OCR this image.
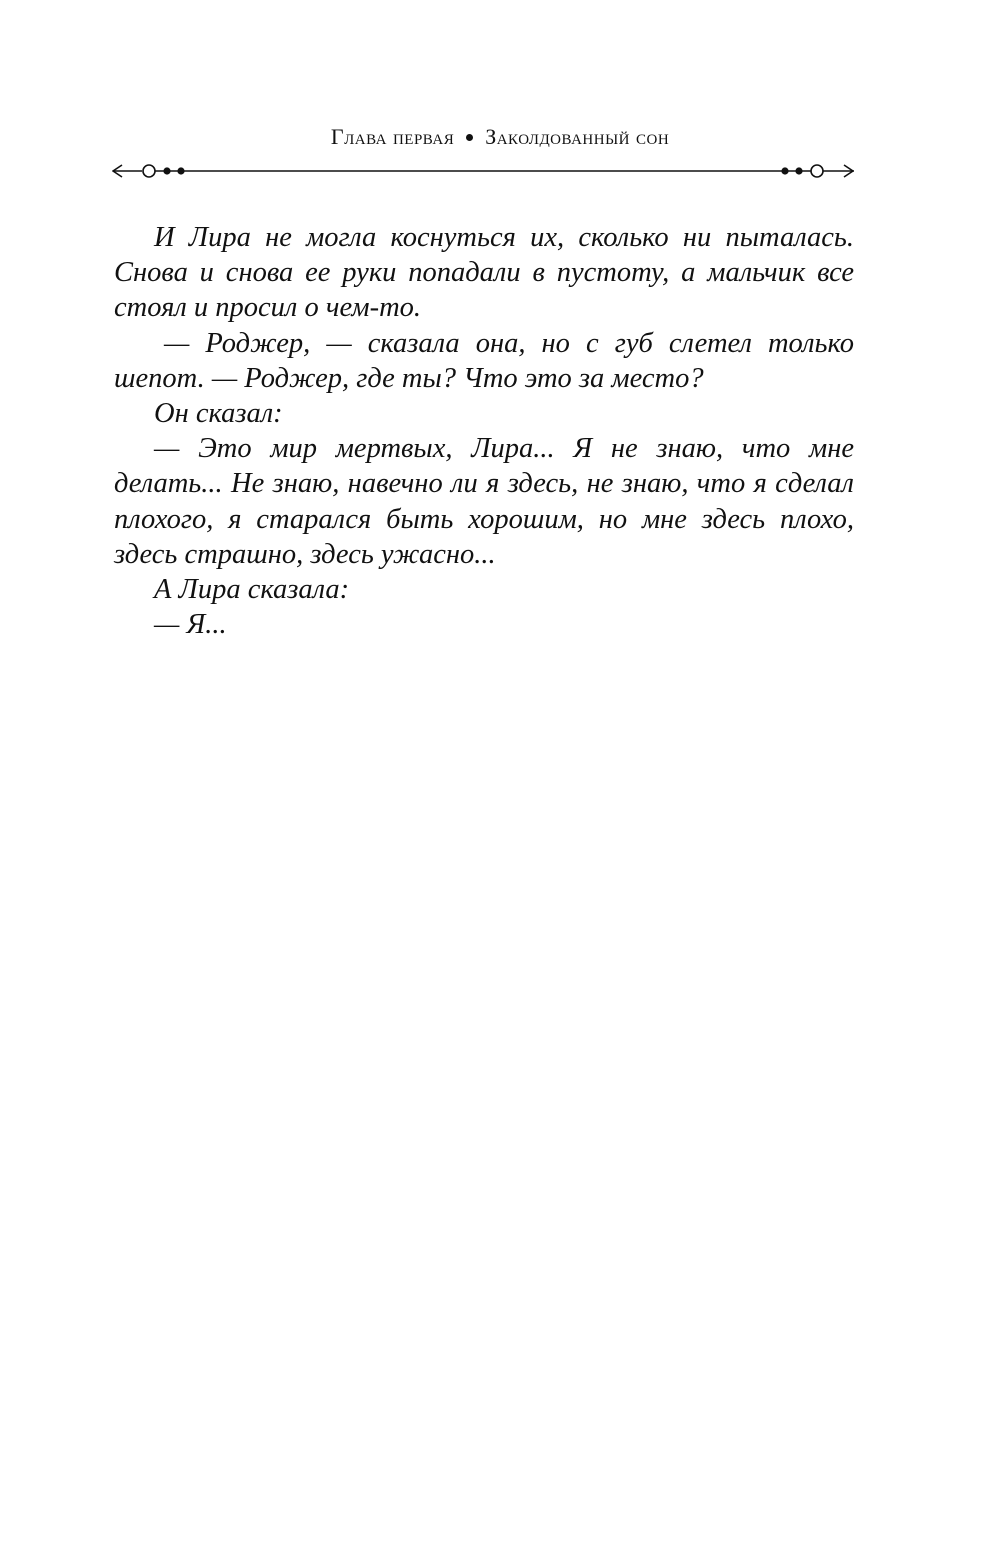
Глава первая Заколдованный сон

И Лира не могла коснуться их, сколько ни пыталась. Снова и снова ее руки попадали в пустоту, а мальчик все стоял и просил о чем-то.

— Роджер, — сказала она, но с губ слетел только шепот. — Роджер, где ты? Что это за место?

Он сказал:

— Это мир мертвых, Лира... Я не знаю, что мне делать... Не знаю, навечно ли я здесь, не знаю, что я сделал плохого, я старался быть хорошим, но мне здесь плохо, здесь страшно, здесь ужасно...

А Лира сказала:

— Я...
